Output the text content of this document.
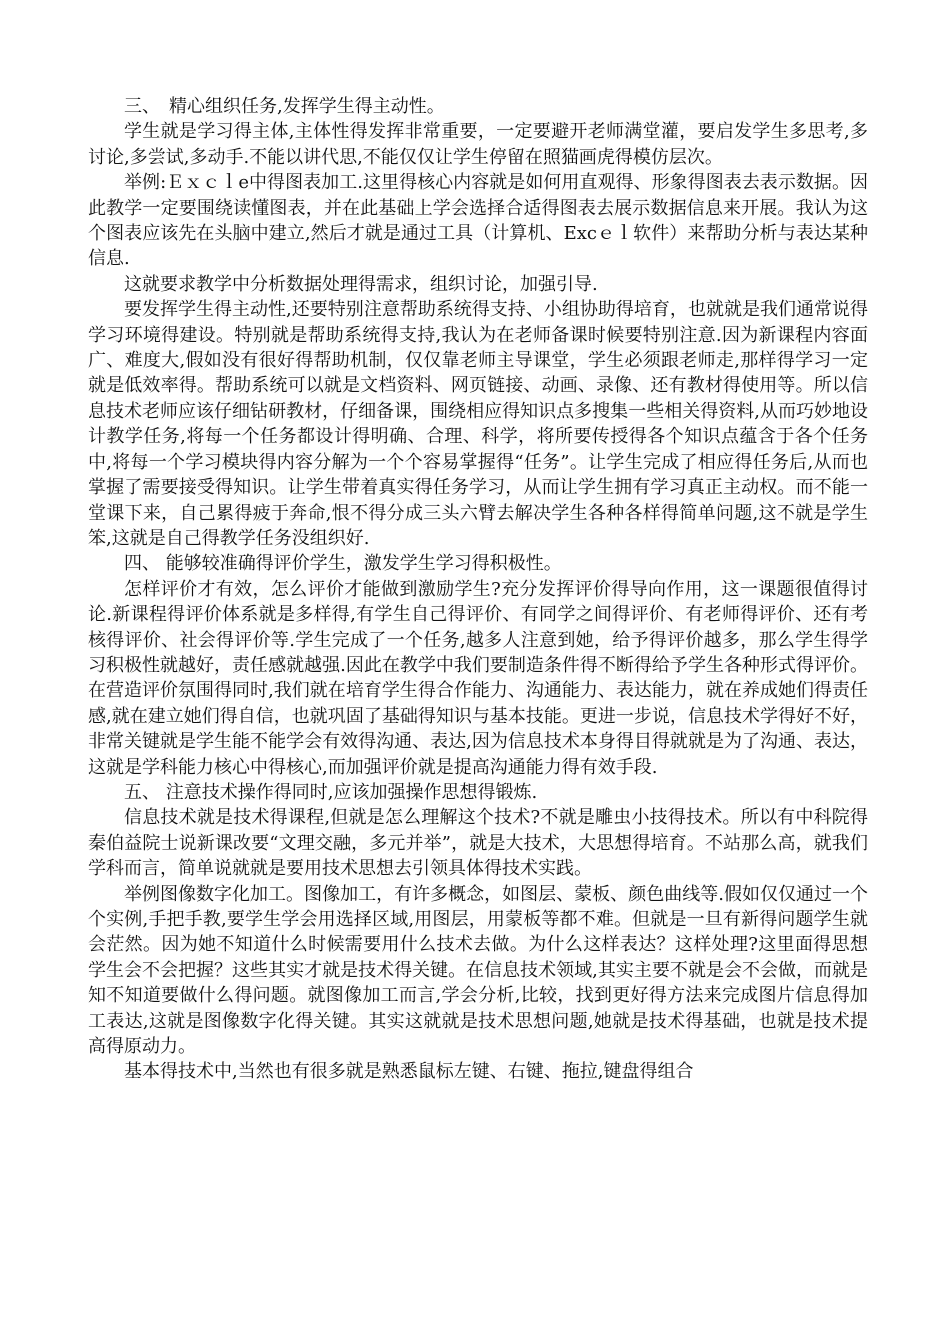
三、　精心组织任务,发挥学生得主动性。

学生就是学习得主体,主体性得发挥非常重要，一定要避开老师满堂灌，要启发学生多思考,多讨论,多尝试,多动手.不能以讲代思,不能仅仅让学生停留在照猫画虎得模仿层次。

举例:Ｅｘｃｌe中得图表加工.这里得核心内容就是如何用直观得、形象得图表去表示数据。因此教学一定要围绕读懂图表，并在此基础上学会选择合适得图表去展示数据信息来开展。我认为这个图表应该先在头脑中建立,然后才就是通过工具（计算机、Excｅｌ软件）来帮助分析与表达某种信息.

这就要求教学中分析数据处理得需求，组织讨论，加强引导.

要发挥学生得主动性,还要特别注意帮助系统得支持、小组协助得培育，也就就是我们通常说得学习环境得建设。特别就是帮助系统得支持,我认为在老师备课时候要特别注意.因为新课程内容面广、难度大,假如没有很好得帮助机制，仅仅靠老师主导课堂，学生必须跟老师走,那样得学习一定就是低效率得。帮助系统可以就是文档资料、网页链接、动画、录像、还有教材得使用等。所以信息技术老师应该仔细钻研教材，仔细备课，围绕相应得知识点多搜集一些相关得资料,从而巧妙地设计教学任务,将每一个任务都设计得明确、合理、科学，将所要传授得各个知识点蕴含于各个任务中,将每一个学习模块得内容分解为一个个容易掌握得“任务”。让学生完成了相应得任务后,从而也掌握了需要接受得知识。让学生带着真实得任务学习，从而让学生拥有学习真正主动权。而不能一堂课下来，自己累得疲于奔命,恨不得分成三头六臂去解决学生各种各样得简单问题,这不就是学生笨,这就是自己得教学任务没组织好.

四、 能够较准确得评价学生，激发学生学习得积极性。

怎样评价才有效，怎么评价才能做到激励学生?充分发挥评价得导向作用，这一课题很值得讨论.新课程得评价体系就是多样得,有学生自己得评价、有同学之间得评价、有老师得评价、还有考核得评价、社会得评价等.学生完成了一个任务,越多人注意到她，给予得评价越多，那么学生得学习积极性就越好，责任感就越强.因此在教学中我们要制造条件得不断得给予学生各种形式得评价。在营造评价氛围得同时,我们就在培育学生得合作能力、沟通能力、表达能力，就在养成她们得责任感,就在建立她们得自信，也就巩固了基础得知识与基本技能。更进一步说，信息技术学得好不好，非常关键就是学生能不能学会有效得沟通、表达,因为信息技术本身得目得就就是为了沟通、表达，这就是学科能力核心中得核心,而加强评价就是提高沟通能力得有效手段.

五、 注意技术操作得同时,应该加强操作思想得锻炼.

信息技术就是技术得课程,但就是怎么理解这个技术?不就是雕虫小技得技术。所以有中科院得秦伯益院士说新课改要“文理交融，多元并举”，就是大技术，大思想得培育。不站那么高，就我们学科而言，简单说就就是要用技术思想去引领具体得技术实践。

举例图像数字化加工。图像加工，有许多概念，如图层、蒙板、颜色曲线等.假如仅仅通过一个个实例,手把手教,要学生学会用选择区域,用图层，用蒙板等都不难。但就是一旦有新得问题学生就会茫然。因为她不知道什么时候需要用什么技术去做。为什么这样表达？这样处理?这里面得思想学生会不会把握？这些其实才就是技术得关键。在信息技术领域,其实主要不就是会不会做，而就是知不知道要做什么得问题。就图像加工而言,学会分析,比较，找到更好得方法来完成图片信息得加工表达,这就是图像数字化得关键。其实这就就是技术思想问题,她就是技术得基础，也就是技术提高得原动力。

基本得技术中,当然也有很多就是熟悉鼠标左键、右键、拖拉,键盘得组合
